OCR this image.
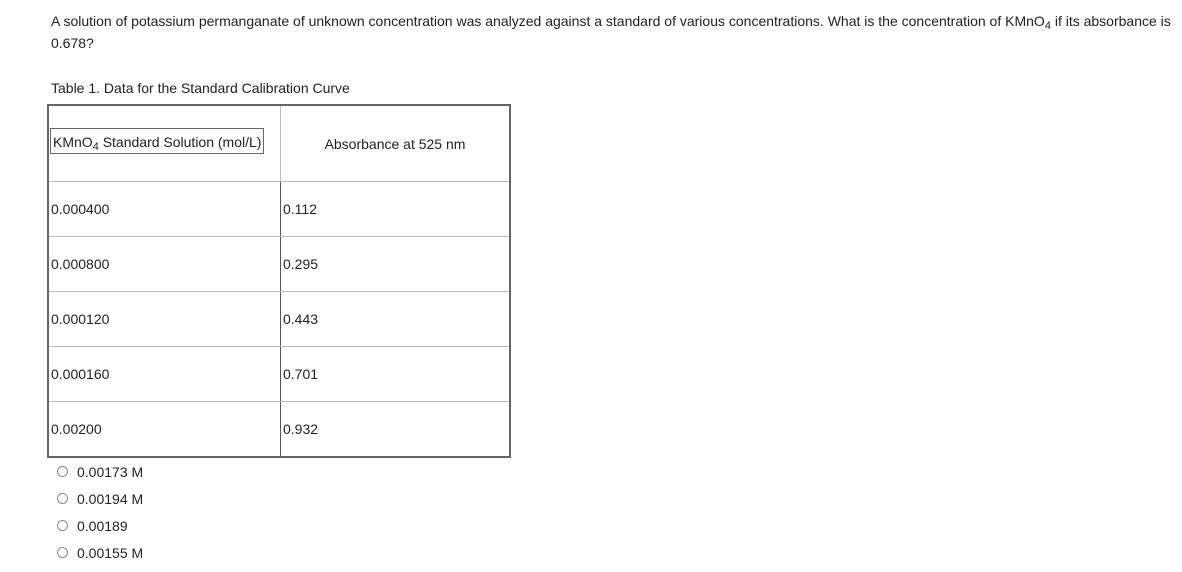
A solution of potassium permanganate of unknown concentration was analyzed against a standard of various concentrations. What is the concentration of KMnO$_4$ if its absorbance is 0.678?
Table 1. Data for the Standard Calibration Curve
KMnO$_4$ Standard Solution (mol/L)	Absorbance at 525 nm
0.000400	0.112
0.000800	0.295
0.000120	0.443
0.000160	0.701
0.00200	0.932
0.00173 M
0.00194 M
0.00189
0.00155 M
